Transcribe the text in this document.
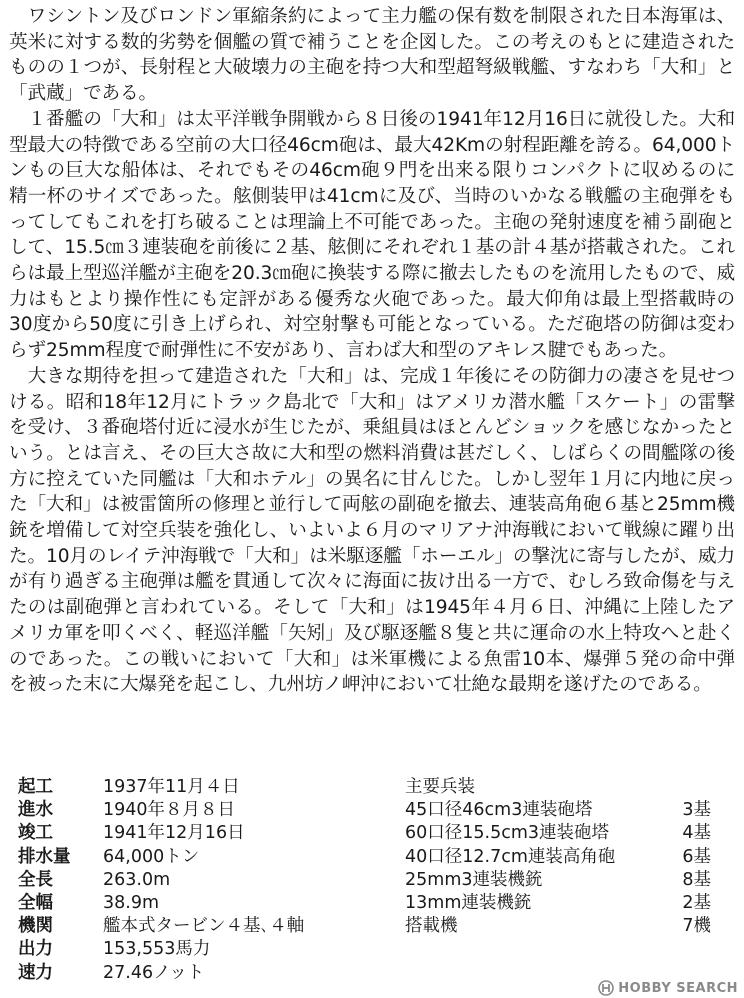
ワシントン及びロンドン軍縮条約によって主力艦の保有数を制限された日本海軍は、英米に対する数的劣勢を個艦の質で補うことを企図した。この考えのもとに建造されたものの１つが、長射程と大破壊力の主砲を持つ大和型超弩級戦艦、すなわち「大和」と「武蔵」である。

１番艦の「大和」は太平洋戦争開戦から８日後の1941年12月16日に就役した。大和型最大の特徴である空前の大口径46cm砲は、最大42Kmの射程距離を誇る。64,000トンもの巨大な船体は、それでもその46cm砲９門を出来る限りコンパクトに収めるのに精一杯のサイズであった。舷側装甲は41cmに及び、当時のいかなる戦艦の主砲弾をもってしてもこれを打ち破ることは理論上不可能であった。主砲の発射速度を補う副砲として、15.5㎝３連装砲を前後に２基、舷側にそれぞれ１基の計４基が搭載された。これらは最上型巡洋艦が主砲を20.3㎝砲に換装する際に撤去したものを流用したもので、威力はもとより操作性にも定評がある優秀な火砲であった。最大仰角は最上型搭載時の30度から50度に引き上げられ、対空射撃も可能となっている。ただ砲塔の防御は変わらず25mm程度で耐弾性に不安があり、言わば大和型のアキレス腱でもあった。

大きな期待を担って建造された「大和」は、完成１年後にその防御力の凄さを見せつける。昭和18年12月にトラック島北で「大和」はアメリカ潜水艦「スケート」の雷撃を受け、３番砲塔付近に浸水が生じたが、乗組員はほとんどショックを感じなかったという。とは言え、その巨大さ故に大和型の燃料消費は甚だしく、しばらくの間艦隊の後方に控えていた同艦は「大和ホテル」の異名に甘んじた。しかし翌年１月に内地に戻った「大和」は被雷箇所の修理と並行して両舷の副砲を撤去、連装高角砲６基と25mm機銃を増備して対空兵装を強化し、いよいよ６月のマリアナ沖海戦において戦線に躍り出た。10月のレイテ沖海戦で「大和」は米駆逐艦「ホーエル」の撃沈に寄与したが、威力が有り過ぎる主砲弾は艦を貫通して次々に海面に抜け出る一方で、むしろ致命傷を与えたのは副砲弾と言われている。そして「大和」は1945年４月６日、沖縄に上陸したアメリカ軍を叩くべく、軽巡洋艦「矢矧」及び駆逐艦８隻と共に運命の水上特攻へと赴くのであった。この戦いにおいて「大和」は米軍機による魚雷10本、爆弾５発の命中弾を被った末に大爆発を起こし、九州坊ノ岬沖において壮絶な最期を遂げたのである。

起工	1937年11月４日
進水	1940年８月８日
竣工	1941年12月16日
排水量	64,000トン
全長	263.0m
全幅	38.9m
機関	艦本式タービン４基､４軸
出力	153,553馬力
速力	27.46ノット
主要兵装
45口径46cm3連装砲塔	3基
60口径15.5cm3連装砲塔	4基
40口径12.7cm連装高角砲	6基
25mm3連装機銃	8基
13mm連装機銃	2基
搭載機	7機
HOBBY SEARCH
